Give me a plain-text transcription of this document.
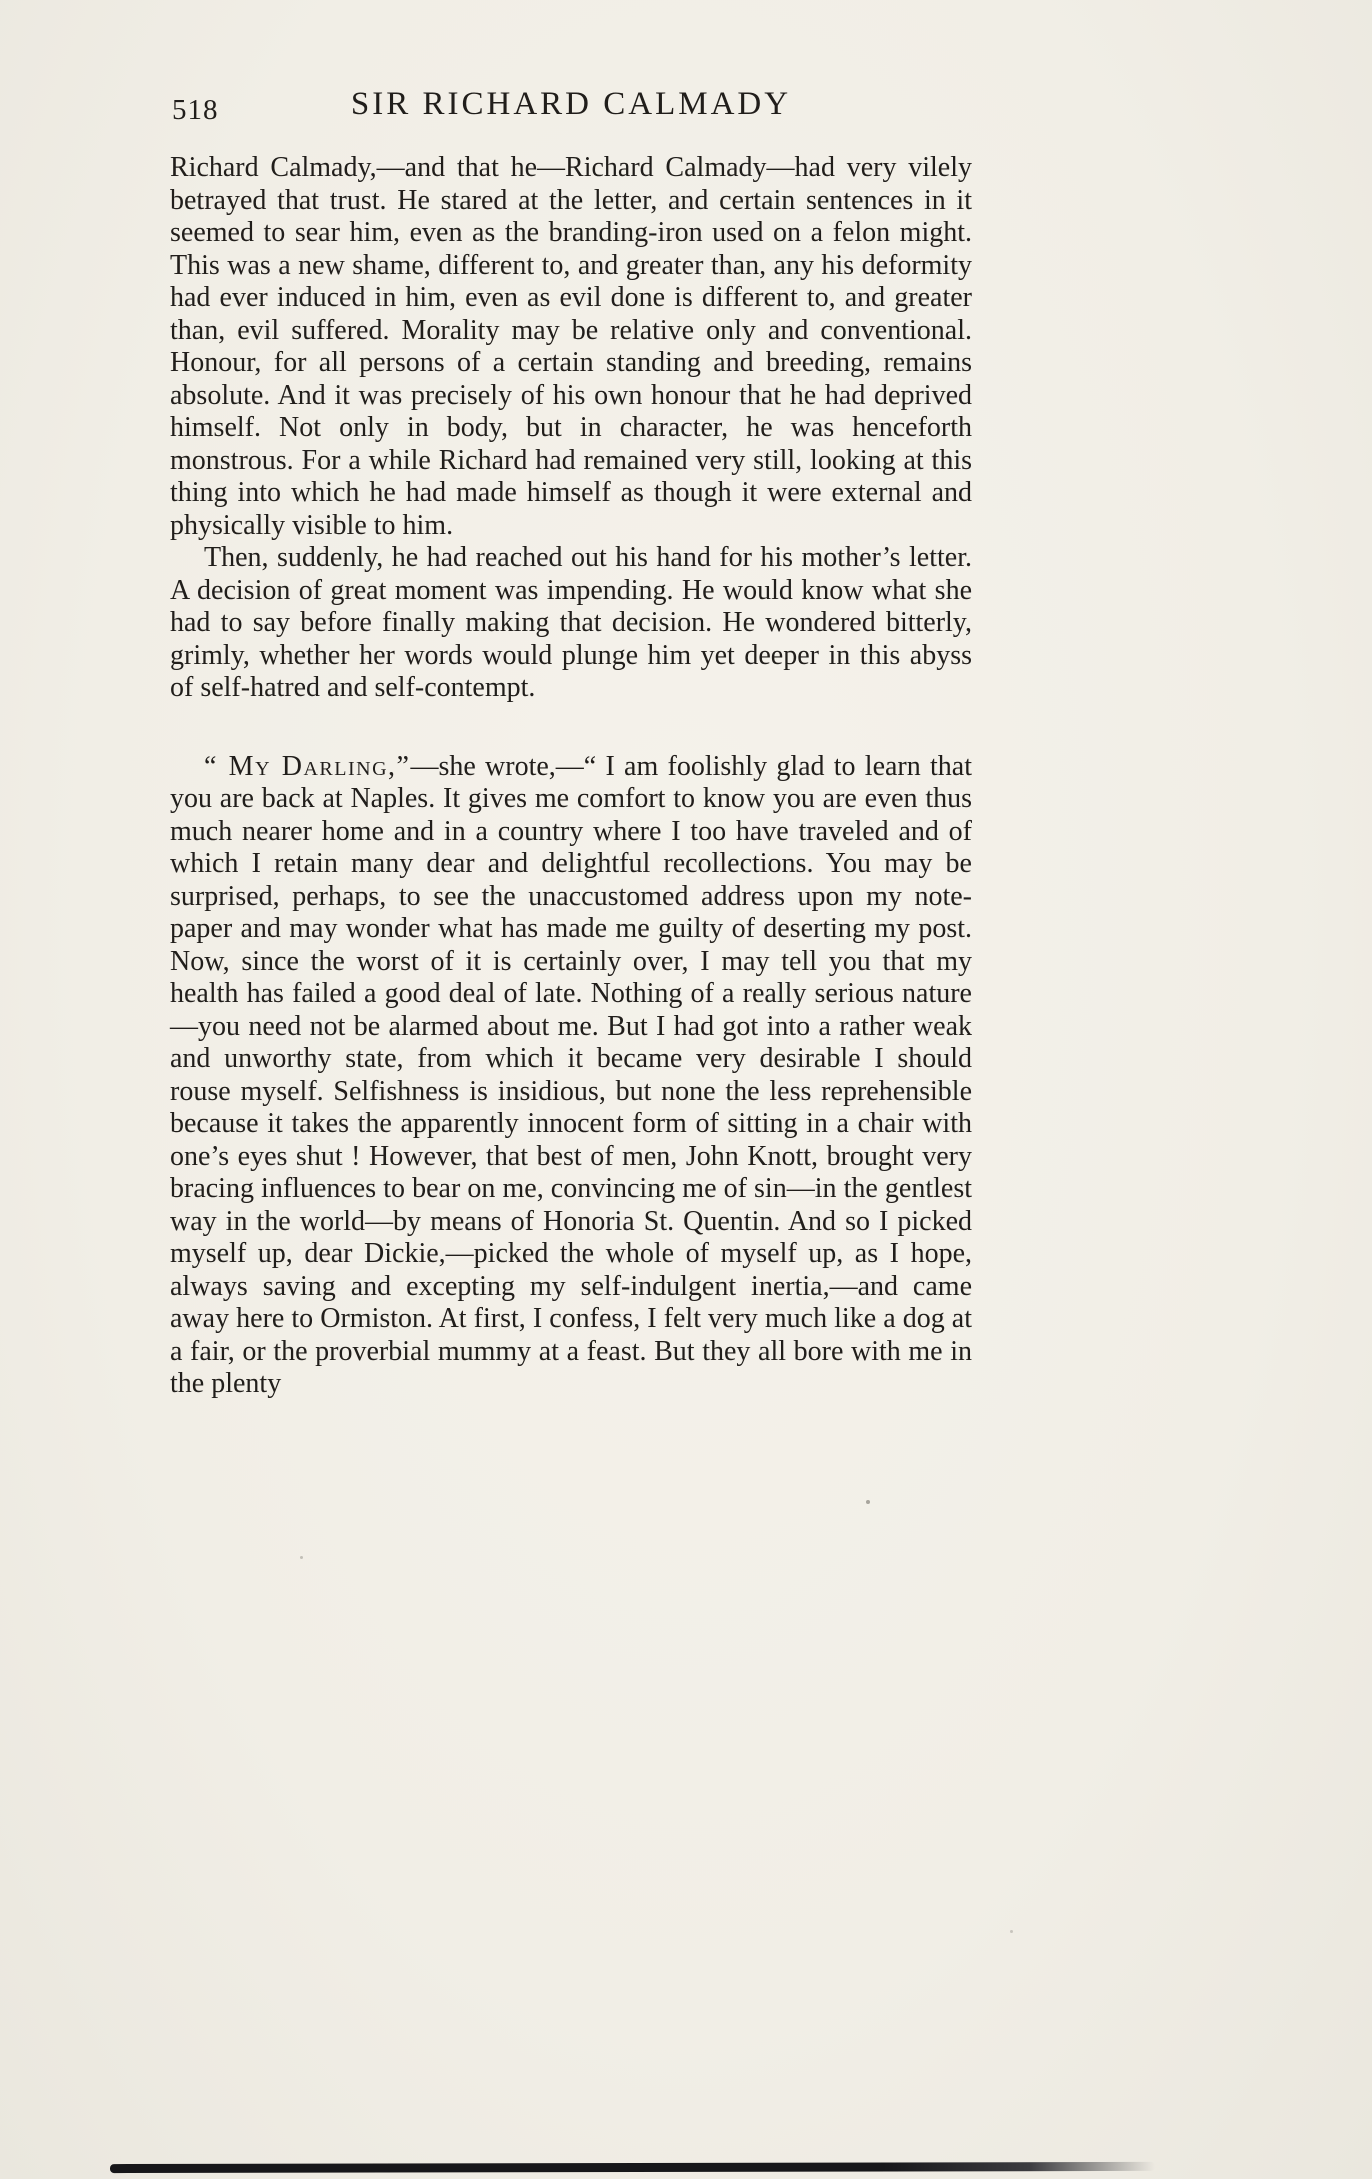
518	SIR RICHARD CALMADY

Richard Calmady,—and that he—Richard Calmady—had very vilely betrayed that trust. He stared at the letter, and certain sentences in it seemed to sear him, even as the branding-iron used on a felon might. This was a new shame, different to, and greater than, any his deformity had ever induced in him, even as evil done is different to, and greater than, evil suffered. Morality may be relative only and conventional. Honour, for all persons of a certain standing and breeding, remains absolute. And it was precisely of his own honour that he had deprived himself. Not only in body, but in character, he was henceforth monstrous. For a while Richard had remained very still, looking at this thing into which he had made himself as though it were external and physically visible to him.

Then, suddenly, he had reached out his hand for his mother’s letter. A decision of great moment was impending. He would know what she had to say before finally making that decision. He wondered bitterly, grimly, whether her words would plunge him yet deeper in this abyss of self-hatred and self-contempt.

“ My Darling,”—she wrote,—“ I am foolishly glad to learn that you are back at Naples. It gives me comfort to know you are even thus much nearer home and in a country where I too have traveled and of which I retain many dear and delightful recollections. You may be surprised, perhaps, to see the unaccustomed address upon my note-paper and may wonder what has made me guilty of deserting my post. Now, since the worst of it is certainly over, I may tell you that my health has failed a good deal of late. Nothing of a really serious nature—you need not be alarmed about me. But I had got into a rather weak and unworthy state, from which it became very desirable I should rouse myself. Selfishness is insidious, but none the less reprehensible because it takes the apparently innocent form of sitting in a chair with one’s eyes shut ! However, that best of men, John Knott, brought very bracing influences to bear on me, convincing me of sin—in the gentlest way in the world—by means of Honoria St. Quentin. And so I picked myself up, dear Dickie,—picked the whole of myself up, as I hope, always saving and excepting my self-indulgent inertia,—and came away here to Ormiston. At first, I confess, I felt very much like a dog at a fair, or the proverbial mummy at a feast. But they all bore with me in the plenty
